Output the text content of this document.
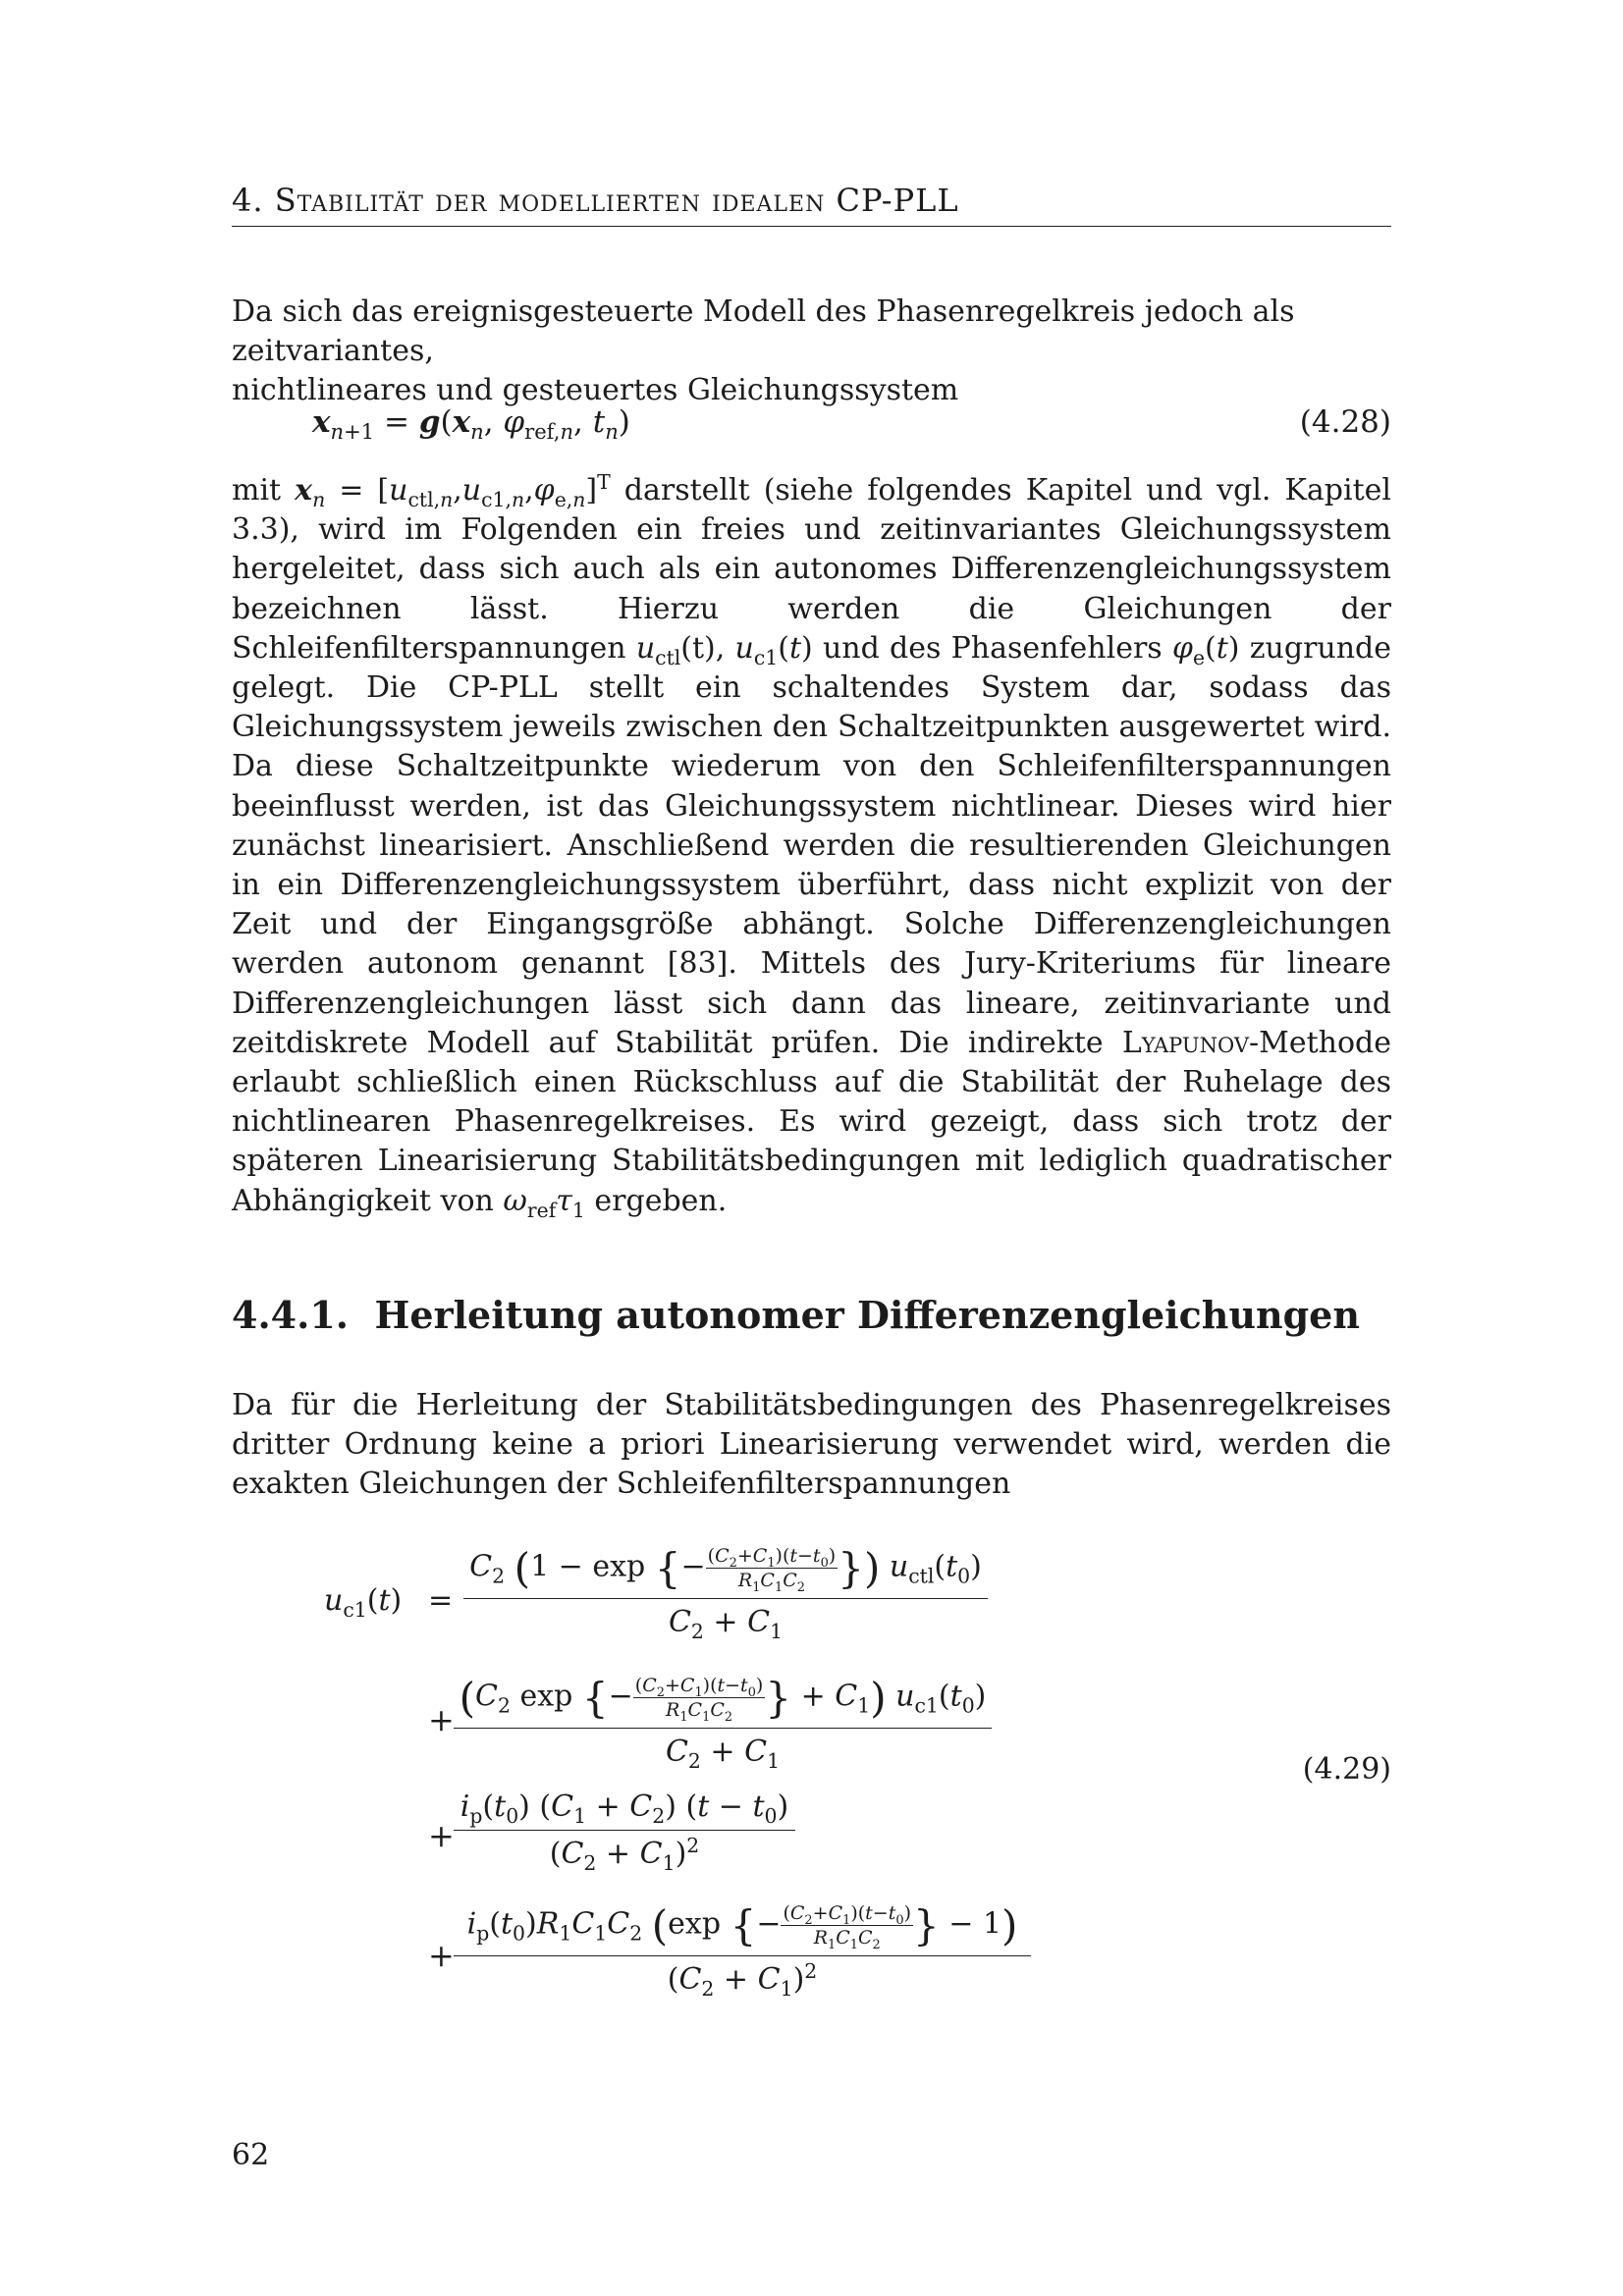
4. Stabilität der modellierten idealen CP-PLL
Da sich das ereignisgesteuerte Modell des Phasenregelkreis jedoch als zeitvariantes,
nichtlineares und gesteuertes Gleichungssystem
$x_{n+1} = g(x_n$, $\varphi_{ref,n}$, $t_n$)	(4.28)
mit $x_n = [u_{ctl,n},u_{c1,n},\varphi_{e,n}]^T$ darstellt (siehe folgendes Kapitel und vgl. Kapitel 3.3), wird im Folgenden ein freies und zeitinvariantes Gleichungssystem hergeleitet, dass sich auch als ein autonomes Differenzengleichungssystem bezeichnen lässt. Hierzu werden die Gleichungen der Schleifenfilterspannungen $u_{ctl}(t)$, $u_{c1}(t)$ und des Phasenfehlers $\varphi_e(t)$ zugrunde gelegt. Die CP-PLL stellt ein schaltendes System dar, sodass das Gleichungssystem jeweils zwischen den Schaltzeitpunkten ausgewertet wird. Da diese Schaltzeitpunkte wiederum von den Schleifenfilterspannungen beeinflusst werden, ist das Gleichungssystem nichtlinear. Dieses wird hier zunächst linearisiert. Anschließend werden die resultierenden Gleichungen in ein Differenzengleichungssystem überführt, dass nicht explizit von der Zeit und der Eingangsgröße abhängt. Solche Differenzengleichungen werden autonom genannt [83]. Mittels des Jury-Kriteriums für lineare Differenzengleichungen lässt sich dann das lineare, zeitinvariante und zeitdiskrete Modell auf Stabilität prüfen. Die indirekte Lyapunov-Methode erlaubt schließlich einen Rückschluss auf die Stabilität der Ruhelage des nichtlinearen Phasenregelkreises. Es wird gezeigt, dass sich trotz der späteren Linearisierung Stabilitätsbedingungen mit lediglich quadratischer Abhängigkeit von $\omega_{ref}\tau_1$ ergeben.
4.4.1. Herleitung autonomer Differenzengleichungen
Da für die Herleitung der Stabilitätsbedingungen des Phasenregelkreises dritter Ordnung keine a priori Linearisierung verwendet wird, werden die exakten Gleichungen der Schleifenfilterspannungen
$u_{c1}(t)$ =
$C_2$ (1 − exp {− $\frac{(C_2+C_1)(t-t_0)}{R_1C_1C_2}$ }) $u_{ctl}(t_0)$
$C_2 + C_1$
+ ($C_2$ exp {− $\frac{(C_2+C_1)(t-t_0)}{R_1C_1C_2}$ } + $C_1$) $u_{c1}(t_0)$
$C_2 + C_1$	(4.29)
+
$i_p(t_0) (C_1 + C_2) (t - t_0)$
$(C_2 + C_1)^2$
+
$i_p(t_0)R_1C_1C_2$ (exp {− $\frac{(C_2+C_1)(t-t_0)}{R_1C_1C_2}$ } − 1)
$(C_2 + C_1)^2$
62
